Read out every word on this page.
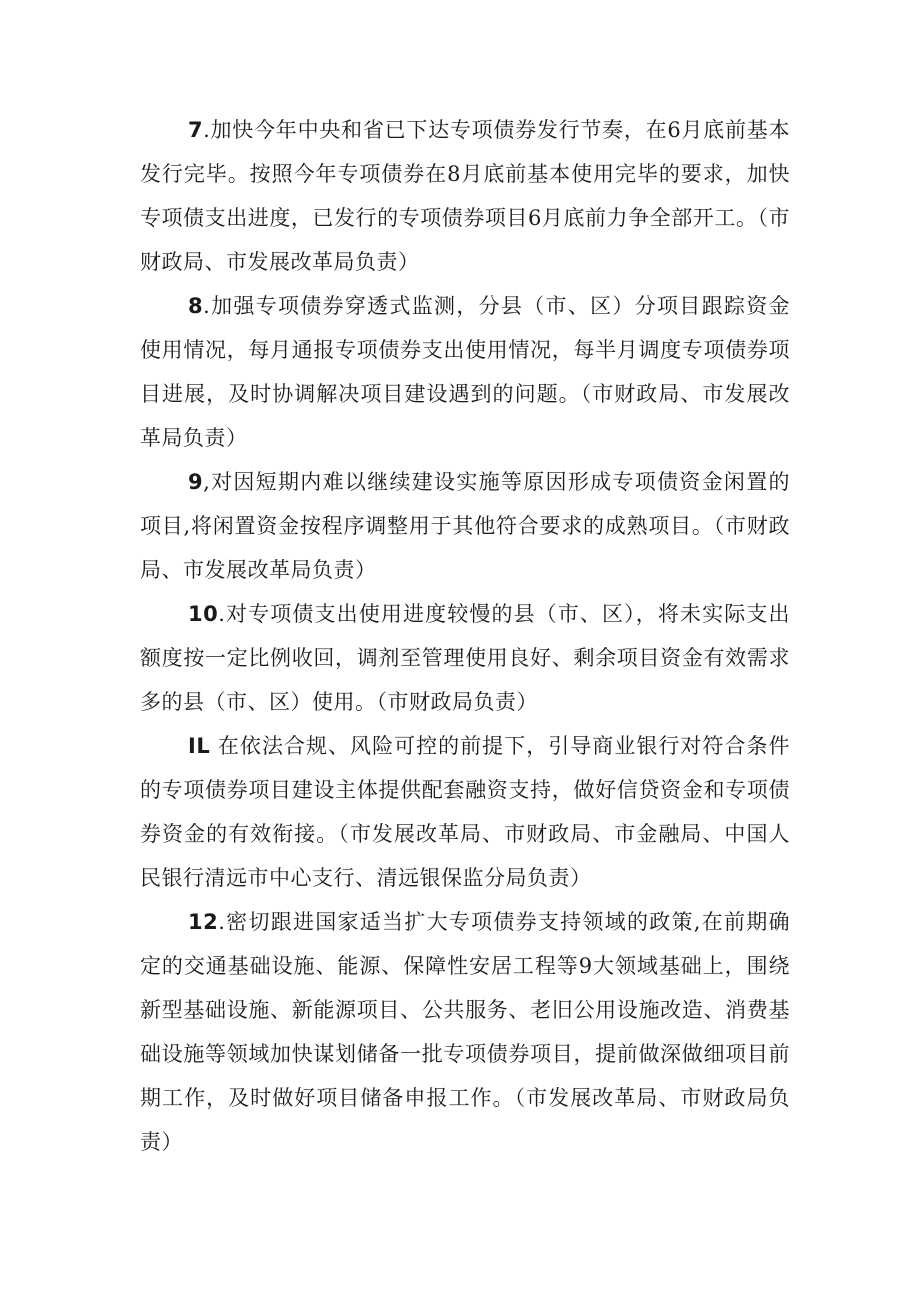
7.加快今年中央和省已下达专项债券发行节奏，在6月底前基本发行完毕。按照今年专项债券在8月底前基本使用完毕的要求，加快专项债支出进度，已发行的专项债券项目6月底前力争全部开工。（市财政局、市发展改革局负责）

8.加强专项债券穿透式监测，分县（市、区）分项目跟踪资金使用情况，每月通报专项债券支出使用情况，每半月调度专项债券项目进展，及时协调解决项目建设遇到的问题。（市财政局、市发展改革局负责）

9,对因短期内难以继续建设实施等原因形成专项债资金闲置的项目,将闲置资金按程序调整用于其他符合要求的成熟项目。（市财政局、市发展改革局负责）

10.对专项债支出使用进度较慢的县（市、区），将未实际支出额度按一定比例收回，调剂至管理使用良好、剩余项目资金有效需求多的县（市、区）使用。（市财政局负责）

IL 在依法合规、风险可控的前提下，引导商业银行对符合条件的专项债券项目建设主体提供配套融资支持，做好信贷资金和专项债券资金的有效衔接。（市发展改革局、市财政局、市金融局、中国人民银行清远市中心支行、清远银保监分局负责）

12.密切跟进国家适当扩大专项债券支持领域的政策,在前期确定的交通基础设施、能源、保障性安居工程等9大领域基础上，围绕新型基础设施、新能源项目、公共服务、老旧公用设施改造、消费基础设施等领域加快谋划储备一批专项债券项目，提前做深做细项目前期工作，及时做好项目储备申报工作。（市发展改革局、市财政局负责）
